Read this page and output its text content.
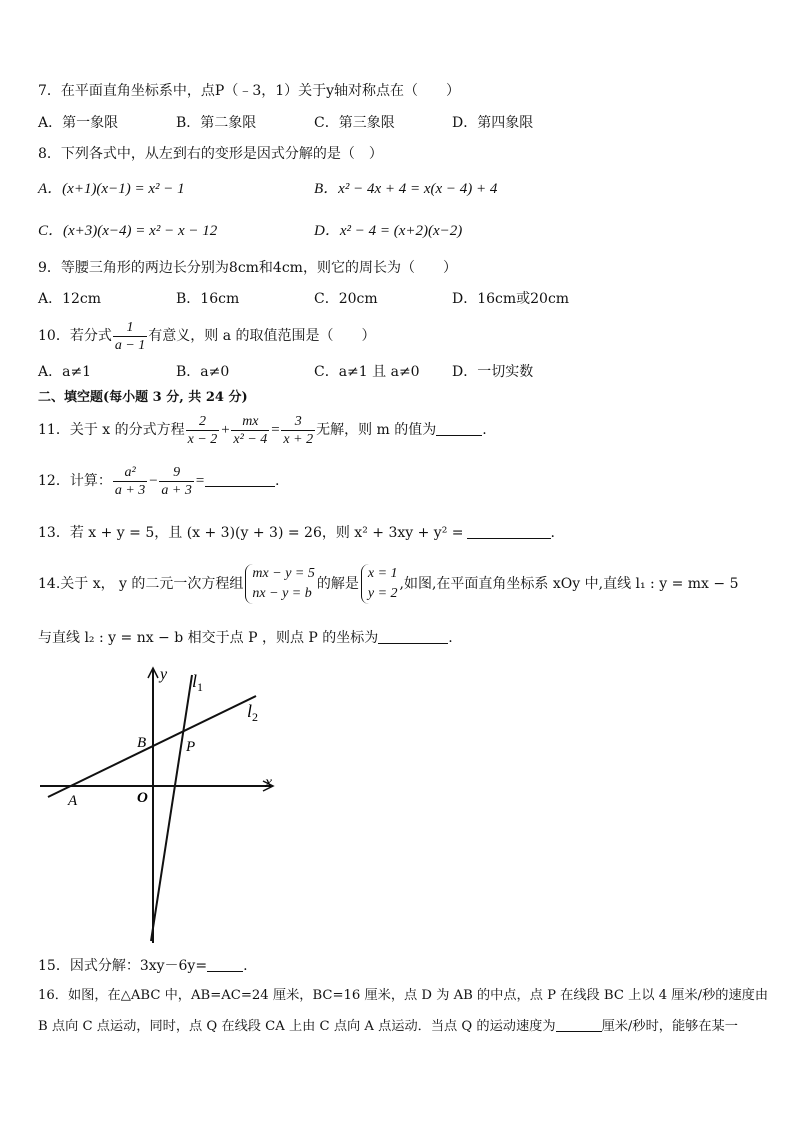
7．在平面直角坐标系中，点P（﹣3，1）关于y轴对称点在（　　）
A．第一象限	B．第二象限	C．第三象限	D．第四象限
8．下列各式中，从左到右的变形是因式分解的是（　）
A．(x+1)(x−1) = x² − 1	B．x² − 4x + 4 = x(x − 4) + 4
C．(x+3)(x−4) = x² − x − 12	D．x² − 4 = (x+2)(x−2)
9．等腰三角形的两边长分别为8cm和4cm，则它的周长为（　　）
A．12cm	B．16cm	C．20cm	D．16cm或20cm
10．若分式 $\frac{1}{a - 1}$ 有意义，则 a 的取值范围是（　　）
A．a≠1	B．a≠0	C．a≠1 且 a≠0 D．一切实数
二、填空题(每小题 3 分, 共 24 分)
11．关于 x 的分式方程 $\frac{2}{x - 2} + \frac{mx}{\text{x² − 4}} = \frac{3}{x + 2}$ 无解，则 m 的值为	.
12．计算： $\frac{\text{a²}}{a + 3} - \frac{9}{a + 3}$ =	.
13．若 x + y = 5，且 (x + 3)(y + 3) = 26，则 x² + 3xy + y² =	.
14.关于 x， y 的二元一次方程组
mx − y = 5
nx − y = b
的解是
x = 1
y = 2
,如图,在平面直角坐标系 xOy 中,直线 l₁ : y = mx − 5
与直线 l₂ : y = nx − b 相交于点 P ，则点 P 的坐标为	.
y
x
O
A
B	P
$l_1$
$l_2$
15．因式分解：3xy－6y=	.
16．如图，在△ABC 中，AB=AC=24 厘米，BC=16 厘米，点 D 为 AB 的中点，点 P 在线段 BC 上以 4 厘米/秒的速度由
B 点向 C 点运动，同时，点 Q 在线段 CA 上由 C 点向 A 点运动．当点 Q 的运动速度为	厘米/秒时，能够在某一
